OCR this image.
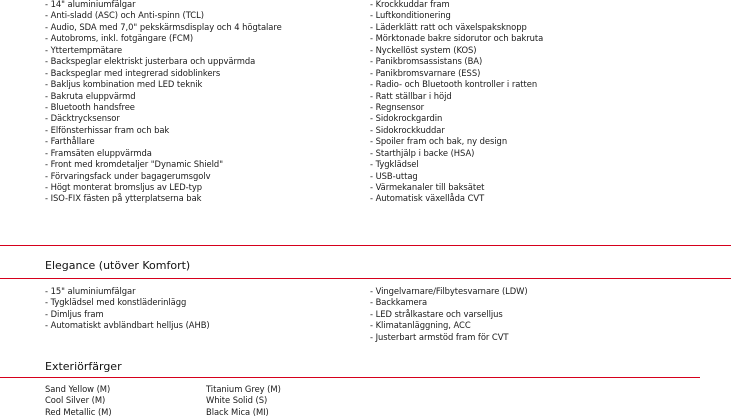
- 14" aluminiumfälgar
- Anti-sladd (ASC) och Anti-spinn (TCL)
- Audio, SDA med 7,0" pekskärmsdisplay och 4 högtalare
- Autobroms, inkl. fotgängare (FCM)
- Yttertempmätare
- Backspeglar elektriskt justerbara och uppvärmda
- Backspeglar med integrerad sidoblinkers
- Bakljus kombination med LED teknik
- Bakruta eluppvärmd
- Bluetooth handsfree
- Däcktrycksensor
- Elfönsterhissar fram och bak
- Farthållare
- Framsäten eluppvärmda
- Front med kromdetaljer "Dynamic Shield"
- Förvaringsfack under bagagerumsgolv
- Högt monterat bromsljus av LED-typ
- ISO-FIX fästen på ytterplatserna bak
- Krockkuddar fram
- Luftkonditionering
- Läderklätt ratt och växelspaksknopp
- Mörktonade bakre sidorutor och bakruta
- Nyckellöst system (KOS)
- Panikbromsassistans (BA)
- Panikbromsvarnare (ESS)
- Radio- och Bluetooth kontroller i ratten
- Ratt ställbar i höjd
- Regnsensor
- Sidokrockgardin
- Sidokrockkuddar
- Spoiler fram och bak, ny design
- Starthjälp i backe (HSA)
- Tygklädsel
- USB-uttag
- Värmekanaler till baksätet
- Automatisk växellåda CVT
Elegance (utöver Komfort)
- 15" aluminiumfälgar
- Tygklädsel med konstläderinlägg
- Dimljus fram
- Automatiskt avbländbart helljus (AHB)
- Vingelvarnare/Filbytesvarnare (LDW)
- Backkamera
- LED strålkastare och varselljus
- Klimatanläggning, ACC
- Justerbart armstöd fram för CVT
Exteriörfärger
Sand Yellow (M)
Cool Silver (M)
Red Metallic (M)
Titanium Grey (M)
White Solid (S)
Black Mica (MI)
